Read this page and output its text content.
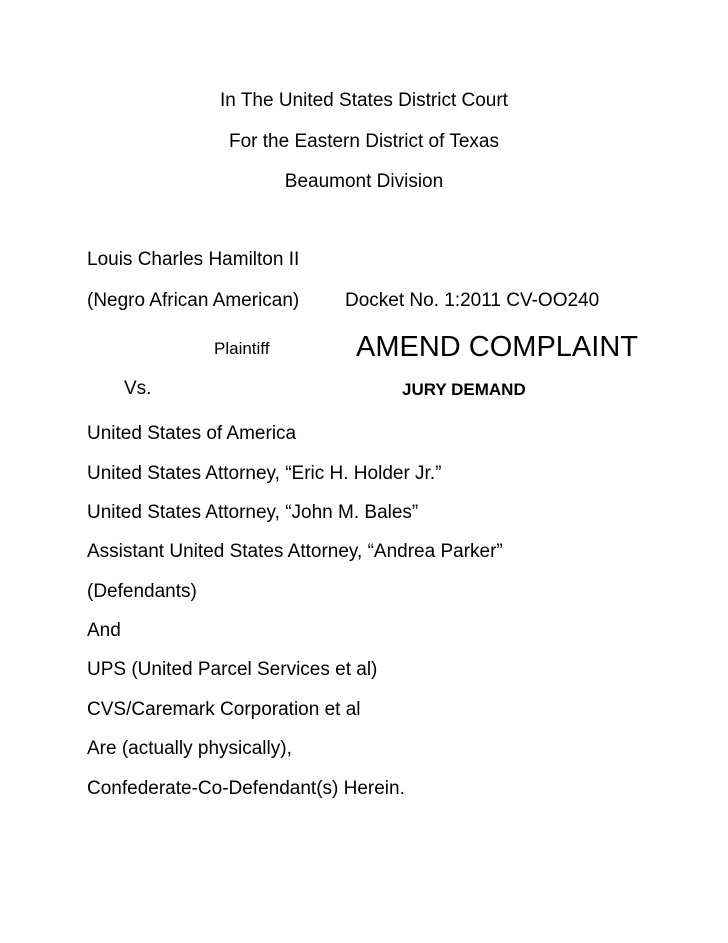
In The United States District Court
For the Eastern District of Texas
Beaumont Division
Louis Charles Hamilton II
(Negro African American) Docket No. 1:2011 CV-OO240
Plaintiff	AMEND COMPLAINT
Vs.	JURY DEMAND
United States of America
United States Attorney, “Eric H. Holder Jr.”
United States Attorney, “John M. Bales”
Assistant United States Attorney, “Andrea Parker”
(Defendants)
And
UPS (United Parcel Services et al)
CVS/Caremark Corporation et al
Are (actually physically),
Confederate-Co-Defendant(s) Herein.
